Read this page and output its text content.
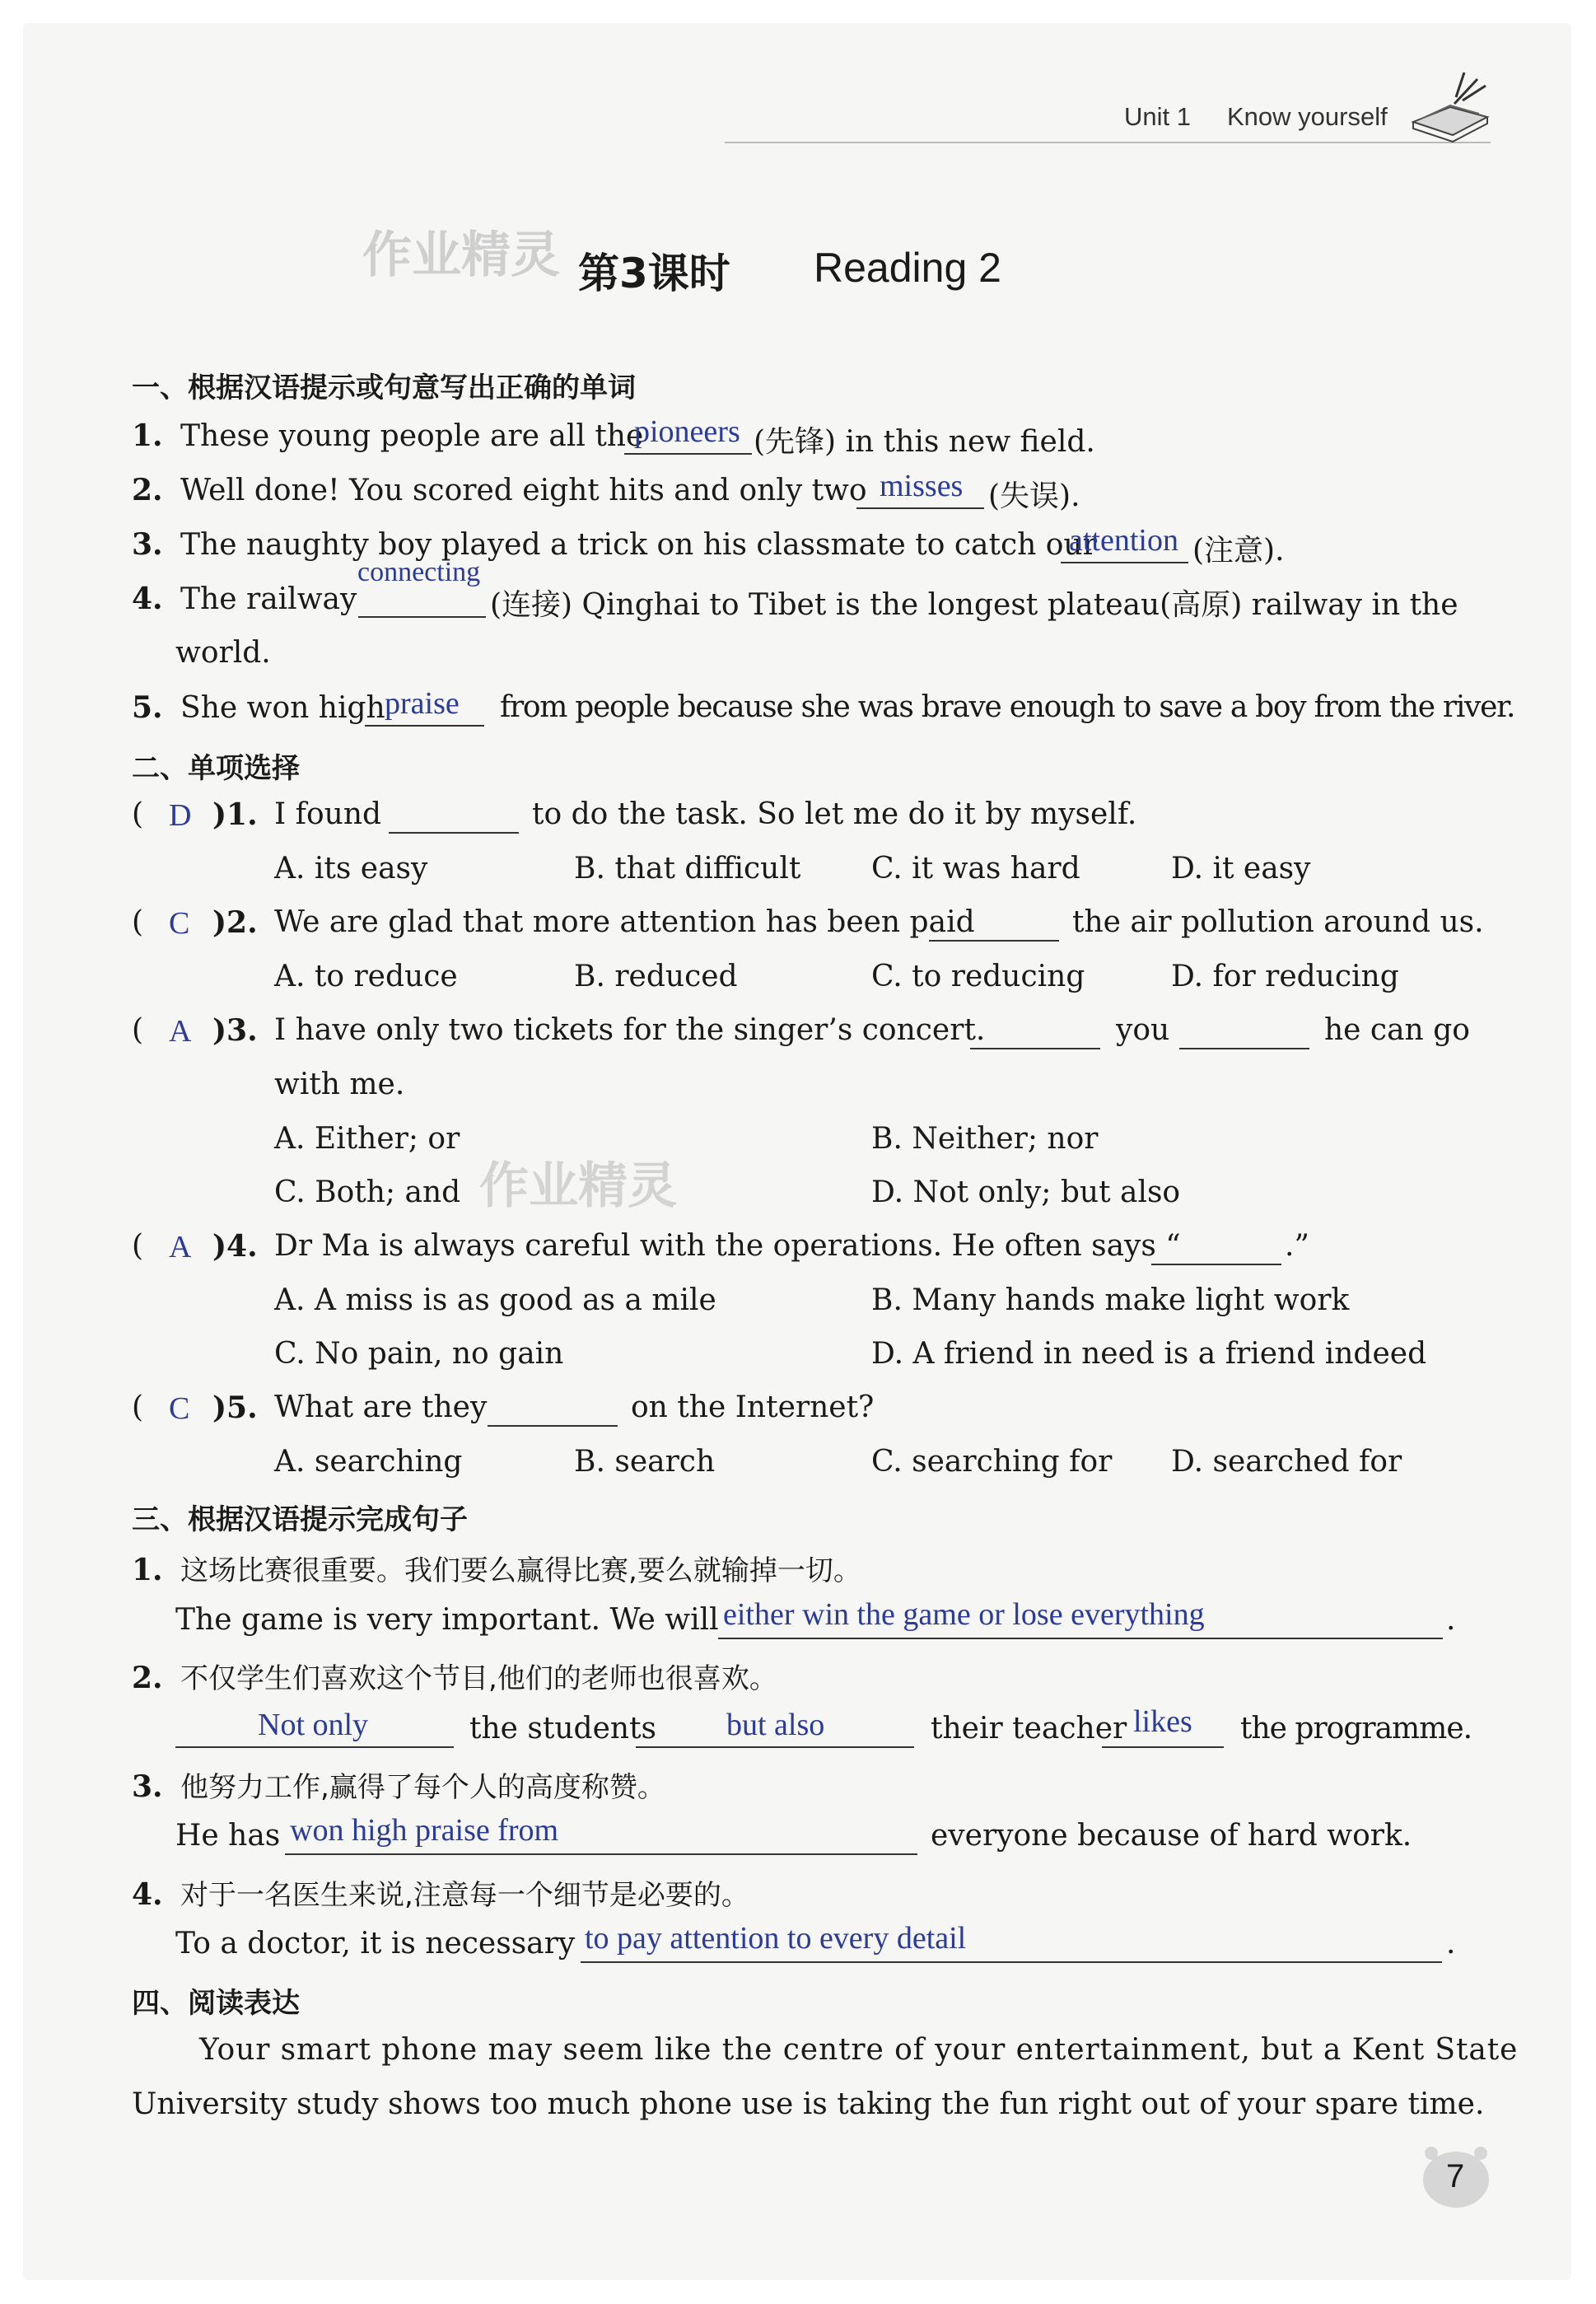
Unit 1 Know yourself
作业精灵 第3课时 Reading 2
一、根据汉语提示或句意写出正确的单词
1. These young people are all the
pioneers (先锋) in this new field.
2. Well done! You scored eight hits and only two misses (失误).
3. The naughty boy played a trick on his classmate to catch our
attention (注意).
4. The railway
connecting
(连接) Qinghai to Tibet is the longest plateau(高原) railway in the
world.
5. She won high praise from people because she was brave enough to save a boy from the river.
二、单项选择
( D )1. I found	to do the task. So let me do it by myself.
A. its easy	B. that difficult C. it was hard	D. it easy
( C )2. We are glad that more attention has been paid	the air pollution around us.
A. to reduce	B. reduced	C. to reducing	D. for reducing
( A )3. I have only two tickets for the singer’s concert.	you	he can go
with me.
A. Either; or	B. Neither; nor
C. Both; and	D. Not only; but also
作业精灵
( A )4. Dr Ma is always careful with the operations. He often says “	.”
A. A miss is as good as a mile	B. Many hands make light work
C. No pain, no gain	D. A friend in need is a friend indeed
( C )5. What are they	on the Internet?
A. searching	B. search	C. searching for D. searched for
三、根据汉语提示完成句子
1. 这场比赛很重要。我们要么赢得比赛,要么就输掉一切。
The game is very important. We will either win the game or lose everything	.
2. 不仅学生们喜欢这个节目,他们的老师也很喜欢。
Not only	the students but also	their teacher likes the programme.
3. 他努力工作,赢得了每个人的高度称赞。
He has won high praise from	everyone because of hard work.
4. 对于一名医生来说,注意每一个细节是必要的。
To a doctor, it is necessary to pay attention to every detail	.
四、阅读表达
Your smart phone may seem like the centre of your entertainment, but a Kent State
University study shows too much phone use is taking the fun right out of your spare time.
7
